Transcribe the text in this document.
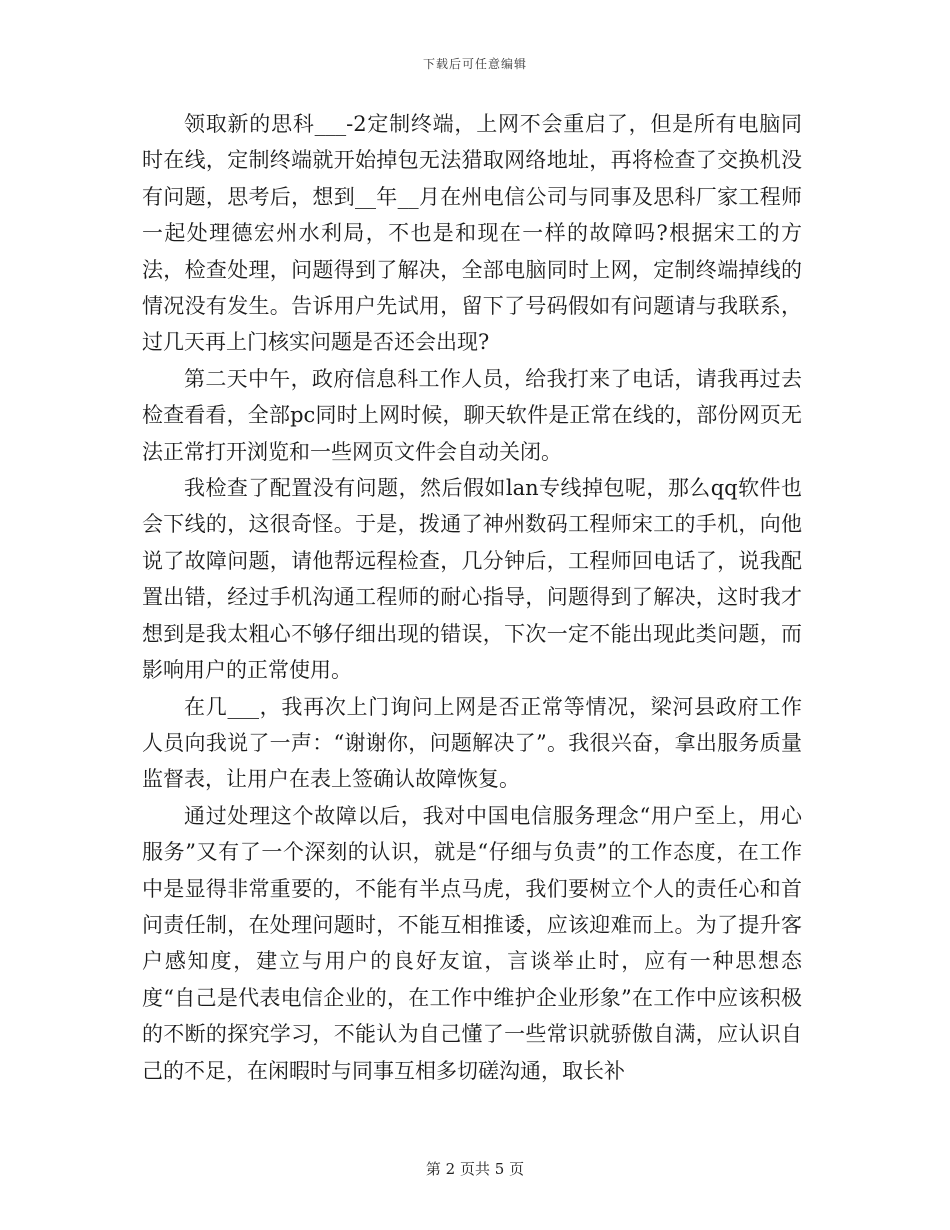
下载后可任意编辑

领取新的思科___-2定制终端，上网不会重启了，但是所有电脑同时在线，定制终端就开始掉包无法猎取网络地址，再将检查了交换机没有问题，思考后，想到__年__月在州电信公司与同事及思科厂家工程师一起处理德宏州水利局，不也是和现在一样的故障吗?根据宋工的方法，检查处理，问题得到了解决，全部电脑同时上网，定制终端掉线的情况没有发生。告诉用户先试用，留下了号码假如有问题请与我联系，过几天再上门核实问题是否还会出现?

第二天中午，政府信息科工作人员，给我打来了电话，请我再过去检查看看，全部pc同时上网时候，聊天软件是正常在线的，部份网页无法正常打开浏览和一些网页文件会自动关闭。

我检查了配置没有问题，然后假如lan专线掉包呢，那么qq软件也会下线的，这很奇怪。于是，拨通了神州数码工程师宋工的手机，向他说了故障问题，请他帮远程检查，几分钟后，工程师回电话了，说我配置出错，经过手机沟通工程师的耐心指导，问题得到了解决，这时我才想到是我太粗心不够仔细出现的错误，下次一定不能出现此类问题，而影响用户的正常使用。

在几___，我再次上门询问上网是否正常等情况，梁河县政府工作人员向我说了一声：“谢谢你，问题解决了”。我很兴奋，拿出服务质量监督表，让用户在表上签确认故障恢复。

通过处理这个故障以后，我对中国电信服务理念“用户至上，用心服务”又有了一个深刻的认识，就是“仔细与负责”的工作态度，在工作中是显得非常重要的，不能有半点马虎，我们要树立个人的责任心和首问责任制，在处理问题时，不能互相推诿，应该迎难而上。为了提升客户感知度，建立与用户的良好友谊，言谈举止时，应有一种思想态度“自己是代表电信企业的，在工作中维护企业形象”在工作中应该积极的不断的探究学习，不能认为自己懂了一些常识就骄傲自满，应认识自己的不足，在闲暇时与同事互相多切磋沟通，取长补

第 2 页共 5 页
